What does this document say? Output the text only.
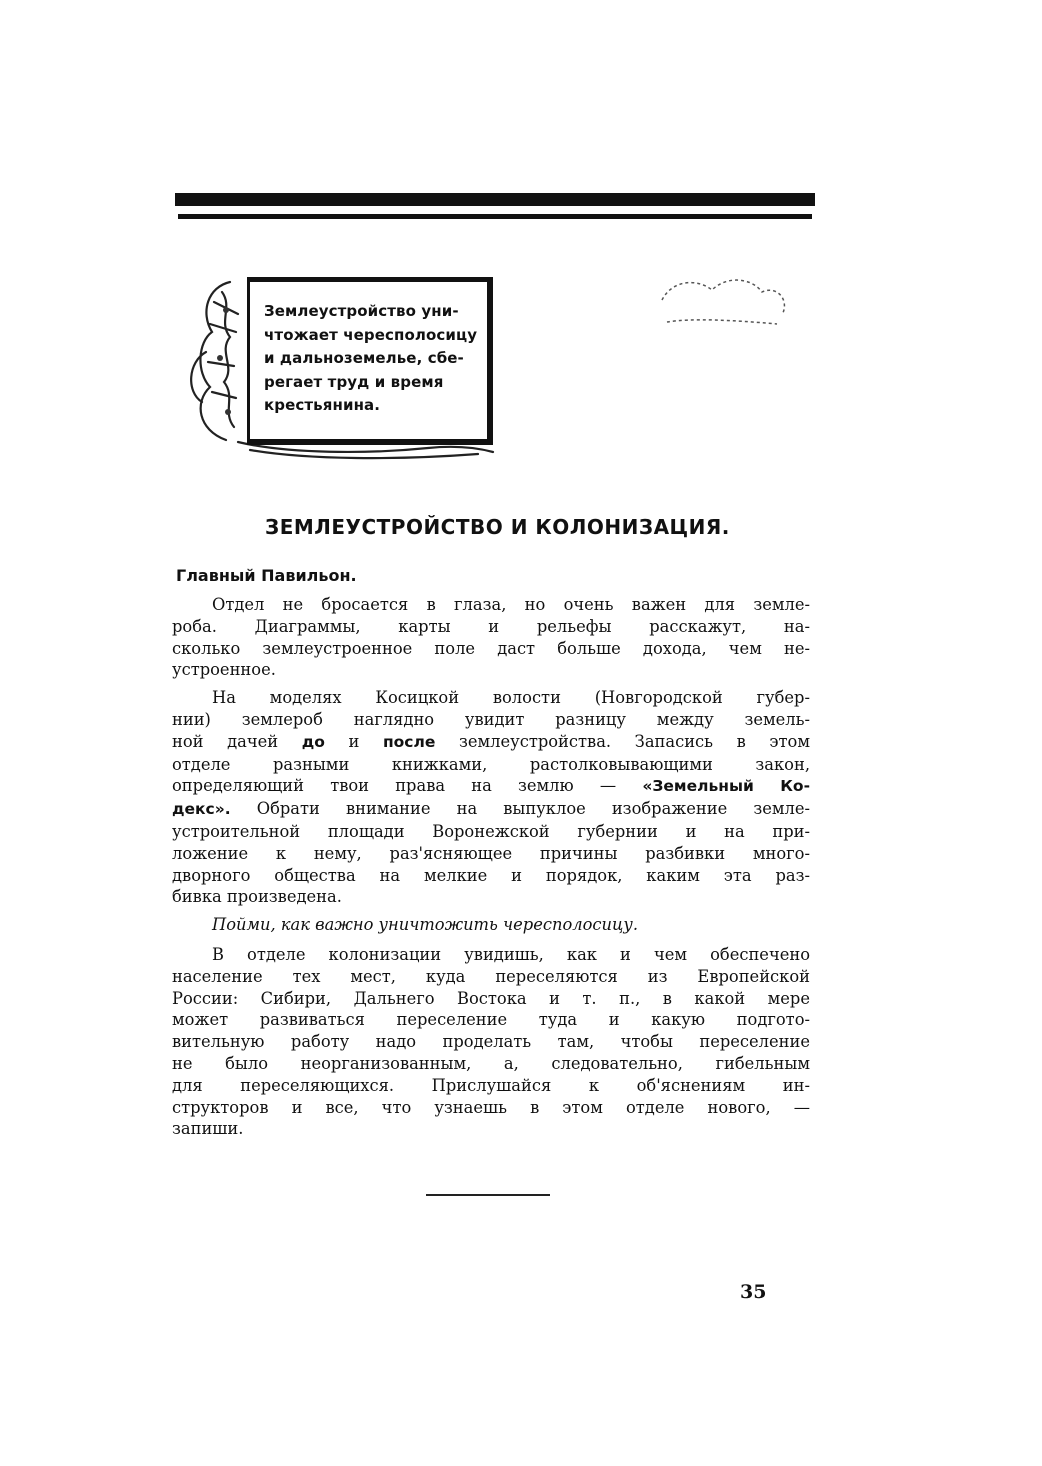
Землеустройство уни-
чтожает чересполосицу
и дальноземелье, сбе-
регает труд и время
крестьянина.
ЗЕМЛЕУСТРОЙСТВО И КОЛОНИЗАЦИЯ.
Главный Павильон.

Отдел не бросается в глаза, но очень важен для земле-
роба. Диаграммы, карты и рельефы расскажут, на-
сколько землеустроенное поле даст больше дохода, чем не-
устроенное.

На моделях Косицкой волости (Новгородской губер-
нии) землероб наглядно увидит разницу между земель-
ной дачей до и после землеустройства. Запасись в этом
отделе разными книжками, растолковывающими закон,
определяющий твои права на землю — «Земельный Ко-
декс». Обрати внимание на выпуклое изображение земле-
устроительной площади Воронежской губернии и на при-
ложение к нему, раз'ясняющее причины разбивки много-
дворного общества на мелкие и порядок, каким эта раз-
бивка произведена.

Пойми, как важно уничтожить чересполосицу.

В отделе колонизации увидишь, как и чем обеспечено
население тех мест, куда переселяются из Европейской
России: Сибири, Дальнего Востока и т. п., в какой мере
может развиваться переселение туда и какую подгото-
вительную работу надо проделать там, чтобы переселение
не было неорганизованным, а, следовательно, гибельным
для переселяющихся. Прислушайся к об'яснениям ин-
структоров и все, что узнаешь в этом отделе нового, —
запиши.

35
